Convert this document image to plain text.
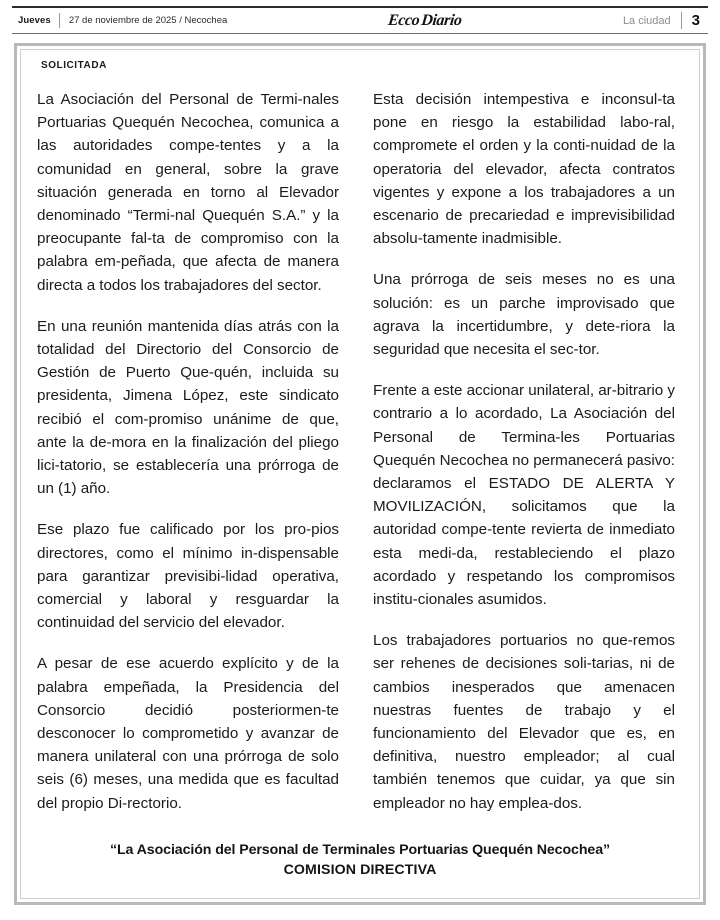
Jueves	27 de noviembre de 2025 / Necochea	EccoDiario	La ciudad	3
SOLICITADA

La Asociación del Personal de Termi-nales Portuarias Quequén Necochea, comunica a las autoridades compe-tentes y a la comunidad en general, sobre la grave situación generada en torno al Elevador denominado “Termi-nal Quequén S.A.” y la preocupante fal-ta de compromiso con la palabra em-peñada, que afecta de manera directa a todos los trabajadores del sector.

En una reunión mantenida días atrás con la totalidad del Directorio del Consorcio de Gestión de Puerto Que-quén, incluida su presidenta, Jimena López, este sindicato recibió el com-promiso unánime de que, ante la de-mora en la finalización del pliego lici-tatorio, se establecería una prórroga de un (1) año.

Ese plazo fue calificado por los pro-pios directores, como el mínimo in-dispensable para garantizar previsibi-lidad operativa, comercial y laboral y resguardar la continuidad del servicio del elevador.

A pesar de ese acuerdo explícito y de la palabra empeñada, la Presidencia del Consorcio decidió posteriormen-te desconocer lo comprometido y avanzar de manera unilateral con una prórroga de solo seis (6) meses, una medida que es facultad del propio Di-rectorio.

Esta decisión intempestiva e inconsul-ta pone en riesgo la estabilidad labo-ral, compromete el orden y la conti-nuidad de la operatoria del elevador, afecta contratos vigentes y expone a los trabajadores a un escenario de precariedad e imprevisibilidad absolu-tamente inadmisible.

Una prórroga de seis meses no es una solución: es un parche improvisado que agrava la incertidumbre, y dete-riora la seguridad que necesita el sec-tor.

Frente a este accionar unilateral, ar-bitrario y contrario a lo acordado, La Asociación del Personal de Termina-les Portuarias Quequén Necochea no permanecerá pasivo: declaramos el ESTADO DE ALERTA Y MOVILIZACIÓN, solicitamos que la autoridad compe-tente revierta de inmediato esta medi-da, restableciendo el plazo acordado y respetando los compromisos institu-cionales asumidos.

Los trabajadores portuarios no que-remos ser rehenes de decisiones soli-tarias, ni de cambios inesperados que amenacen nuestras fuentes de trabajo y el funcionamiento del Elevador que es, en definitiva, nuestro empleador; al cual también tenemos que cuidar, ya que sin empleador no hay emplea-dos.

“La Asociación del Personal de Terminales Portuarias Quequén Necochea”
COMISION DIRECTIVA
